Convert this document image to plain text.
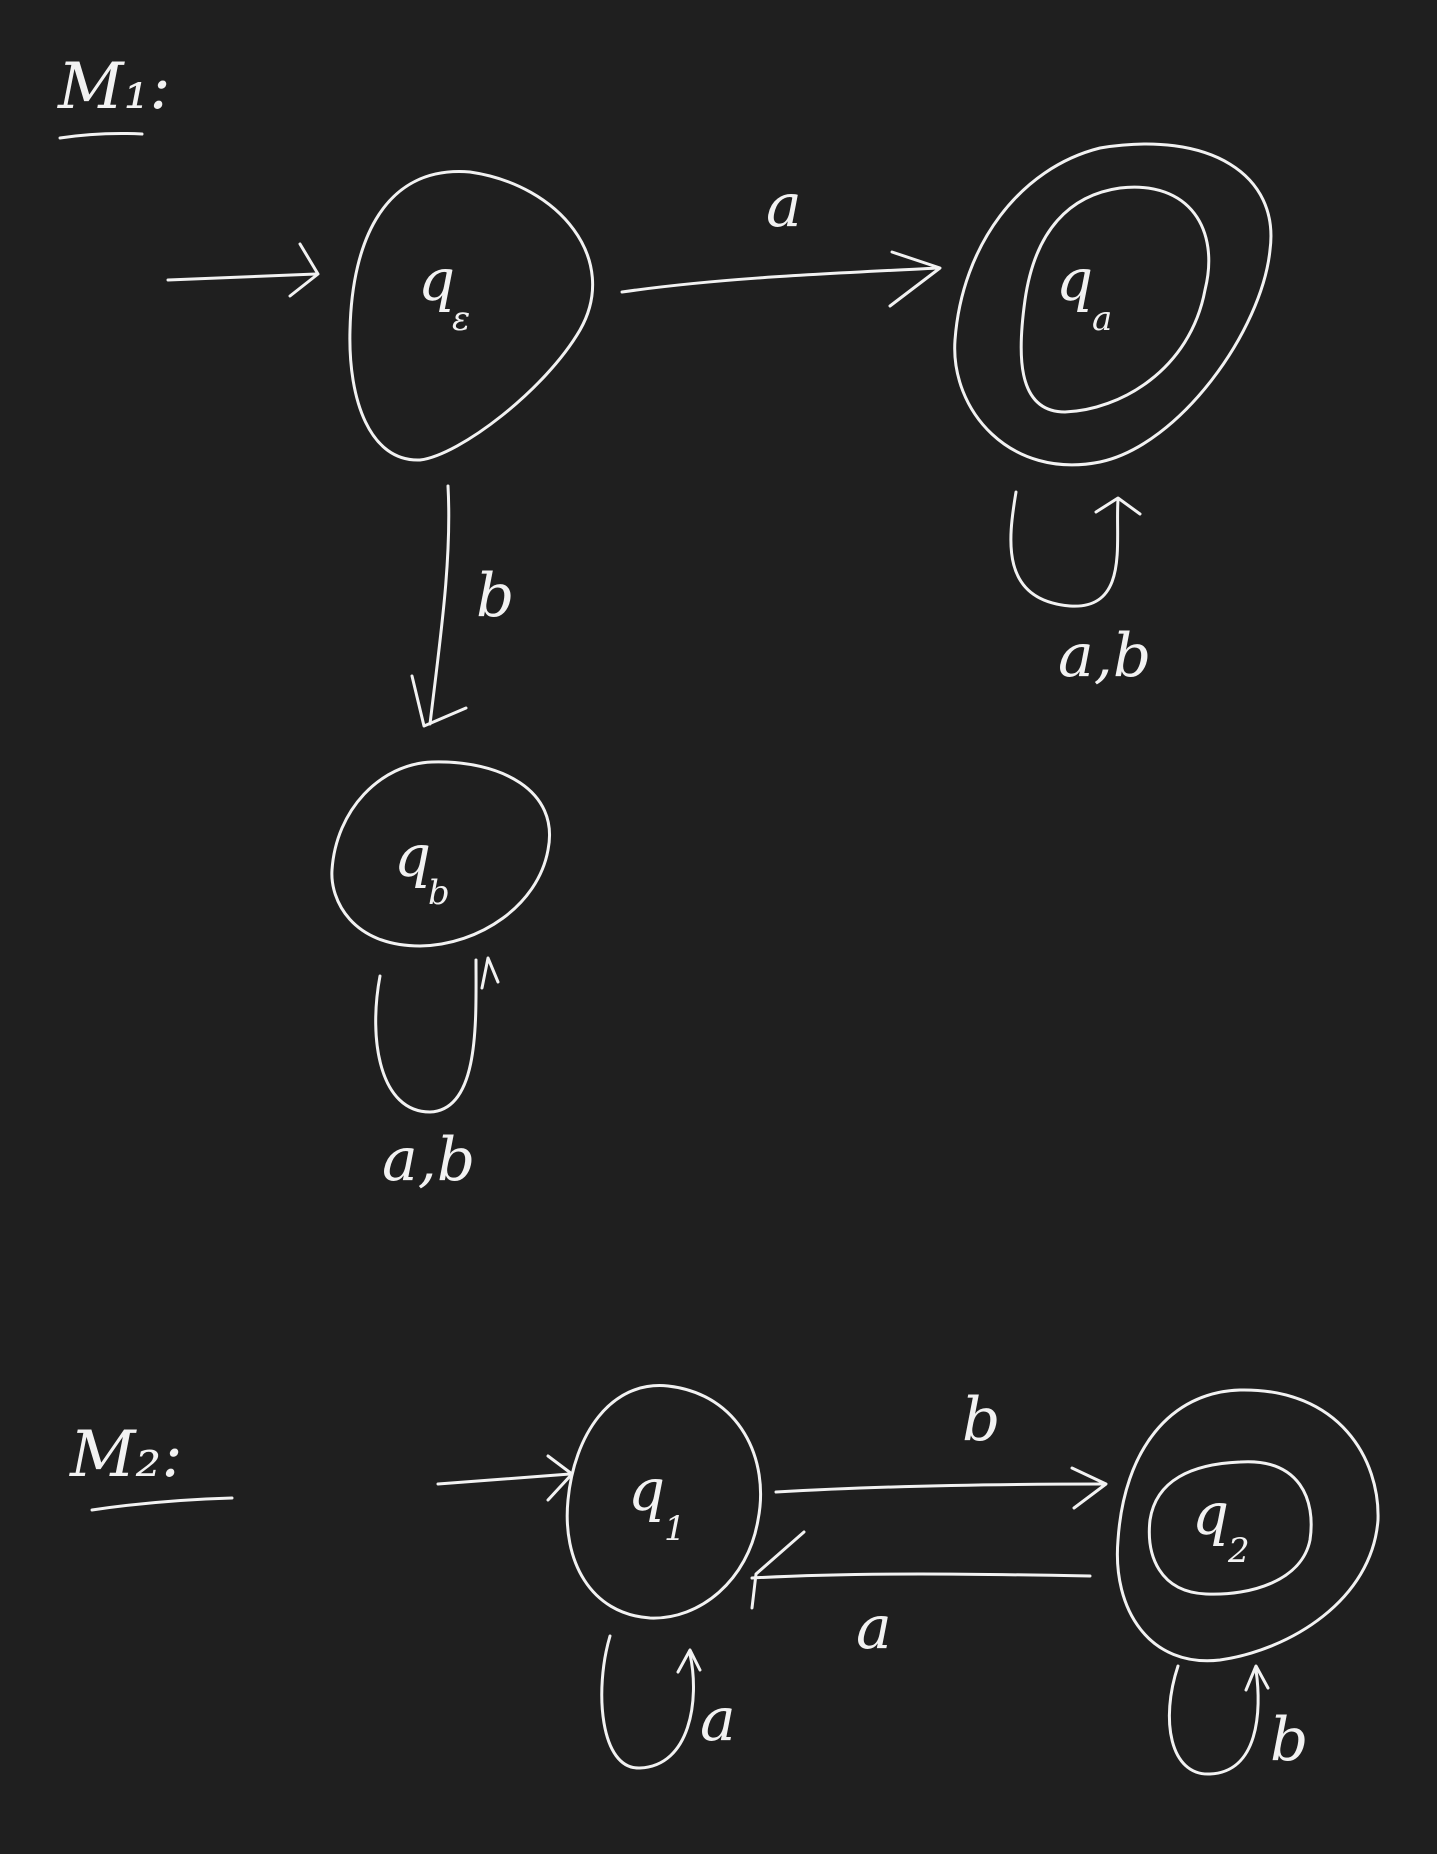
M₁:
q
ε
a
q
a
a,b
b
q
b
a,b
M₂:	q
1
b
a
a
q
2
b
